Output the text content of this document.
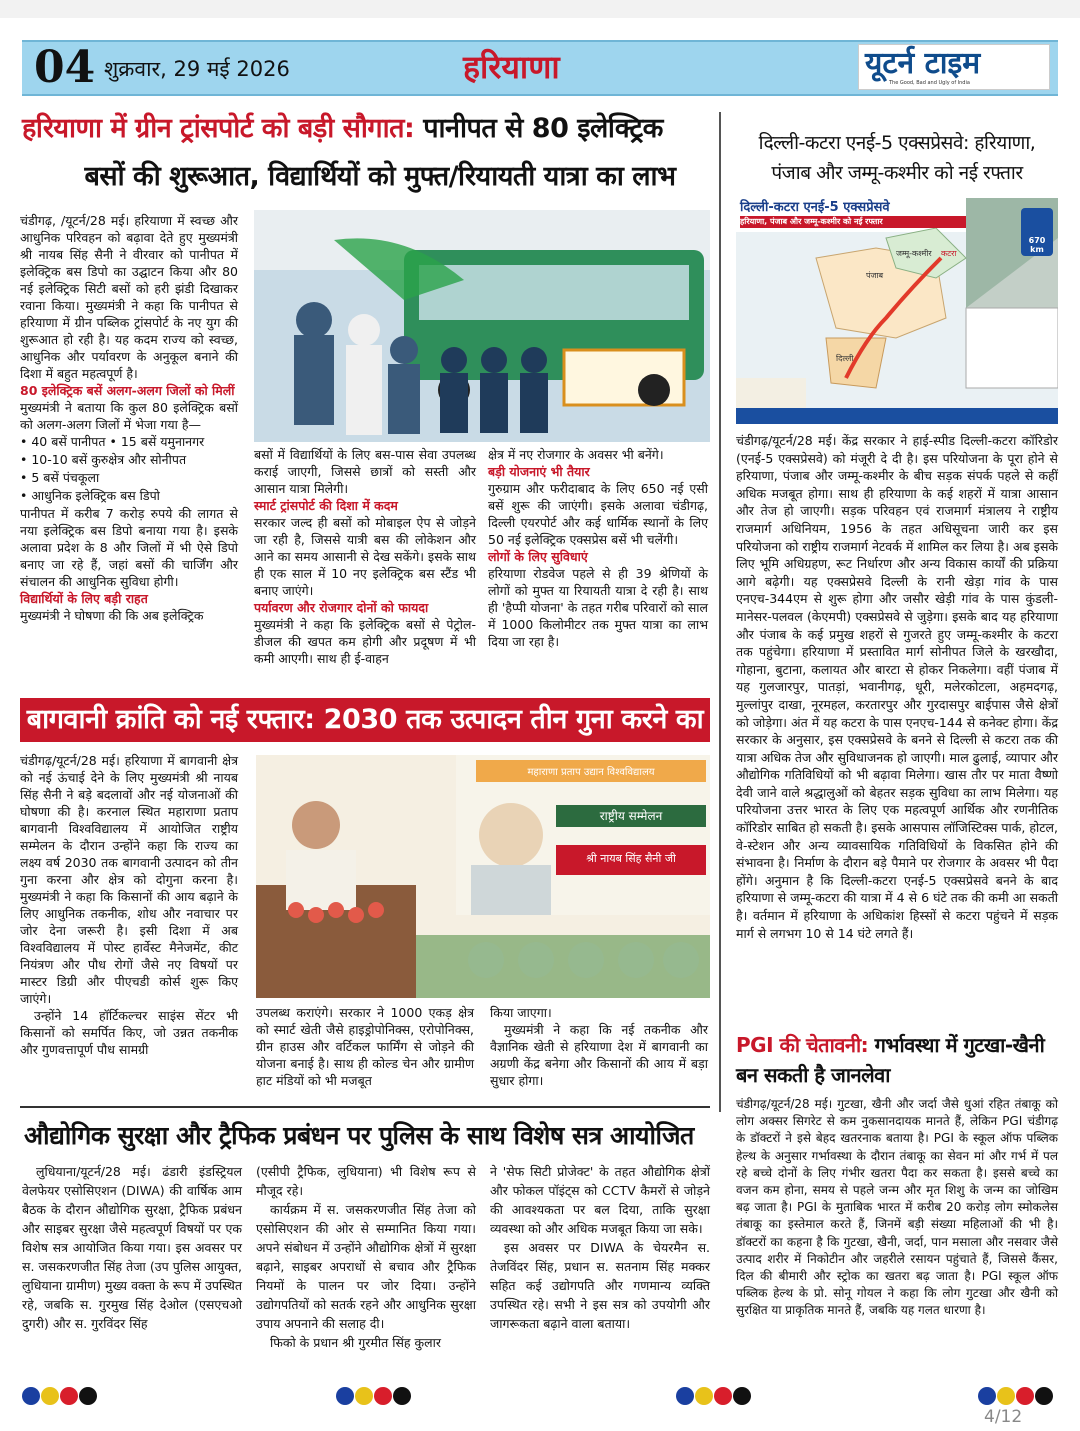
04 शुक्रवार, 29 मई 2026	हरियाणा	यूटर्न टाइम
The Good, Bad and Ugly of India
हरियाणा में ग्रीन ट्रांसपोर्ट को बड़ी सौगात: पानीपत से 80 इलेक्ट्रिक
बसों की शुरूआत, विद्यार्थियों को मुफ्त/रियायती यात्रा का लाभ

चंडीगढ़, /यूटर्न/28 मई। हरियाणा में स्वच्छ और आधुनिक परिवहन को बढ़ावा देते हुए मुख्यमंत्री श्री नायब सिंह सैनी ने वीरवार को पानीपत में इलेक्ट्रिक बस डिपो का उद्घाटन किया और 80 नई इलेक्ट्रिक सिटी बसों को हरी झंडी दिखाकर रवाना किया। मुख्यमंत्री ने कहा कि पानीपत से हरियाणा में ग्रीन पब्लिक ट्रांसपोर्ट के नए युग की शुरूआत हो रही है। यह कदम राज्य को स्वच्छ, आधुनिक और पर्यावरण के अनुकूल बनाने की दिशा में बहुत महत्वपूर्ण है।

80 इलेक्ट्रिक बसें अलग-अलग जिलों को मिलीं

मुख्यमंत्री ने बताया कि कुल 80 इलेक्ट्रिक बसों को अलग-अलग जिलों में भेजा गया है—

• 40 बसें पानीपत • 15 बसें यमुनानगर
• 10-10 बसें कुरुक्षेत्र और सोनीपत
• 5 बसें पंचकूला
• आधुनिक इलेक्ट्रिक बस डिपो

पानीपत में करीब 7 करोड़ रुपये की लागत से नया इलेक्ट्रिक बस डिपो बनाया गया है। इसके अलावा प्रदेश के 8 और जिलों में भी ऐसे डिपो बनाए जा रहे हैं, जहां बसों की चार्जिंग और संचालन की आधुनिक सुविधा होगी।

विद्यार्थियों के लिए बड़ी राहत

मुख्यमंत्री ने घोषणा की कि अब इलेक्ट्रिक

बसों में विद्यार्थियों के लिए बस-पास सेवा उपलब्ध कराई जाएगी, जिससे छात्रों को सस्ती और आसान यात्रा मिलेगी।

स्मार्ट ट्रांसपोर्ट की दिशा में कदम

सरकार जल्द ही बसों को मोबाइल ऐप से जोड़ने जा रही है, जिससे यात्री बस की लोकेशन और आने का समय आसानी से देख सकेंगे। इसके साथ ही एक साल में 10 नए इलेक्ट्रिक बस स्टैंड भी बनाए जाएंगे।

पर्यावरण और रोजगार दोनों को फायदा

मुख्यमंत्री ने कहा कि इलेक्ट्रिक बसों से पेट्रोल-डीजल की खपत कम होगी और प्रदूषण में भी कमी आएगी। साथ ही ई-वाहन

क्षेत्र में नए रोजगार के अवसर भी बनेंगे।

बड़ी योजनाएं भी तैयार

गुरुग्राम और फरीदाबाद के लिए 650 नई एसी बसें शुरू की जाएंगी। इसके अलावा चंडीगढ़, दिल्ली एयरपोर्ट और कई धार्मिक स्थानों के लिए 50 नई इलेक्ट्रिक एक्सप्रेस बसें भी चलेंगी।

लोगों के लिए सुविधाएं

हरियाणा रोडवेज पहले से ही 39 श्रेणियों के लोगों को मुफ्त या रियायती यात्रा दे रही है। साथ ही 'हैप्पी योजना' के तहत गरीब परिवारों को साल में 1000 किलोमीटर तक मुफ्त यात्रा का लाभ दिया जा रहा है।

बागवानी क्रांति को नई रफ्तार: 2030 तक उत्पादन तीन गुना करने का

चंडीगढ़/यूटर्न/28 मई। हरियाणा में बागवानी क्षेत्र को नई ऊंचाई देने के लिए मुख्यमंत्री श्री नायब सिंह सैनी ने बड़े बदलावों और नई योजनाओं की घोषणा की है। करनाल स्थित महाराणा प्रताप बागवानी विश्वविद्यालय में आयोजित राष्ट्रीय सम्मेलन के दौरान उन्होंने कहा कि राज्य का लक्ष्य वर्ष 2030 तक बागवानी उत्पादन को तीन गुना करना और क्षेत्र को दोगुना करना है। मुख्यमंत्री ने कहा कि किसानों की आय बढ़ाने के लिए आधुनिक तकनीक, शोध और नवाचार पर जोर देना जरूरी है। इसी दिशा में अब विश्वविद्यालय में पोस्ट हार्वेस्ट मैनेजमेंट, कीट नियंत्रण और पौध रोगों जैसे नए विषयों पर मास्टर डिग्री और पीएचडी कोर्स शुरू किए जाएंगे।

उन्होंने 14 हॉर्टिकल्चर साइंस सेंटर भी किसानों को समर्पित किए, जो उन्नत तकनीक और गुणवत्तापूर्ण पौध सामग्री

राष्ट्रीय सम्मेलन
श्री नायब सिंह सैनी जी
महाराणा प्रताप उद्यान विश्वविद्यालय

उपलब्ध कराएंगे। सरकार ने 1000 एकड़ क्षेत्र को स्मार्ट खेती जैसे हाइड्रोपोनिक्स, एरोपोनिक्स, ग्रीन हाउस और वर्टिकल फार्मिंग से जोड़ने की योजना बनाई है। साथ ही कोल्ड चेन और ग्रामीण हाट मंडियों को भी मजबूत

किया जाएगा।

मुख्यमंत्री ने कहा कि नई तकनीक और वैज्ञानिक खेती से हरियाणा देश में बागवानी का अग्रणी केंद्र बनेगा और किसानों की आय में बड़ा सुधार होगा।

औद्योगिक सुरक्षा और ट्रैफिक प्रबंधन पर पुलिस के साथ विशेष सत्र आयोजित

लुधियाना/यूटर्न/28 मई। ढंडारी इंडस्ट्रियल वेलफेयर एसोसिएशन (DIWA) की वार्षिक आम बैठक के दौरान औद्योगिक सुरक्षा, ट्रैफिक प्रबंधन और साइबर सुरक्षा जैसे महत्वपूर्ण विषयों पर एक विशेष सत्र आयोजित किया गया। इस अवसर पर स. जसकरणजीत सिंह तेजा (उप पुलिस आयुक्त, लुधियाना ग्रामीण) मुख्य वक्ता के रूप में उपस्थित रहे, जबकि स. गुरमुख सिंह देओल (एसएचओ दुगरी) और स. गुरविंदर सिंह

(एसीपी ट्रैफिक, लुधियाना) भी विशेष रूप से मौजूद रहे।

कार्यक्रम में स. जसकरणजीत सिंह तेजा को एसोसिएशन की ओर से सम्मानित किया गया। अपने संबोधन में उन्होंने औद्योगिक क्षेत्रों में सुरक्षा बढ़ाने, साइबर अपराधों से बचाव और ट्रैफिक नियमों के पालन पर जोर दिया। उन्होंने उद्योगपतियों को सतर्क रहने और आधुनिक सुरक्षा उपाय अपनाने की सलाह दी।

फिको के प्रधान श्री गुरमीत सिंह कुलार

ने 'सेफ सिटी प्रोजेक्ट' के तहत औद्योगिक क्षेत्रों और फोकल पॉइंट्स को CCTV कैमरों से जोड़ने की आवश्यकता पर बल दिया, ताकि सुरक्षा व्यवस्था को और अधिक मजबूत किया जा सके।

इस अवसर पर DIWA के चेयरमैन स. तेजविंदर सिंह, प्रधान स. सतनाम सिंह मक्कर सहित कई उद्योगपति और गणमान्य व्यक्ति उपस्थित रहे। सभी ने इस सत्र को उपयोगी और जागरूकता बढ़ाने वाला बताया।

दिल्ली-कटरा एनई-5 एक्सप्रेसवे: हरियाणा,
पंजाब और जम्मू-कश्मीर को नई रफ्तार
दिल्ली-कटरा एनई-5 एक्सप्रेसवे
हरियाणा, पंजाब और जम्मू-कश्मीर को नई रफ्तार
670 km
जम्मू-कश्मीर
पंजाब
दिल्ली
कटरा

चंडीगढ़/यूटर्न/28 मई। केंद्र सरकार ने हाई-स्पीड दिल्ली-कटरा कॉरिडोर (एनई-5 एक्सप्रेसवे) को मंजूरी दे दी है। इस परियोजना के पूरा होने से हरियाणा, पंजाब और जम्मू-कश्मीर के बीच सड़क संपर्क पहले से कहीं अधिक मजबूत होगा। साथ ही हरियाणा के कई शहरों में यात्रा आसान और तेज हो जाएगी। सड़क परिवहन एवं राजमार्ग मंत्रालय ने राष्ट्रीय राजमार्ग अधिनियम, 1956 के तहत अधिसूचना जारी कर इस परियोजना को राष्ट्रीय राजमार्ग नेटवर्क में शामिल कर लिया है। अब इसके लिए भूमि अधिग्रहण, रूट निर्धारण और अन्य विकास कार्यों की प्रक्रिया आगे बढ़ेगी। यह एक्सप्रेसवे दिल्ली के रानी खेड़ा गांव के पास एनएच-344एम से शुरू होगा और जसौर खेड़ी गांव के पास कुंडली-मानेसर-पलवल (केएमपी) एक्सप्रेसवे से जुड़ेगा। इसके बाद यह हरियाणा और पंजाब के कई प्रमुख शहरों से गुजरते हुए जम्मू-कश्मीर के कटरा तक पहुंचेगा। हरियाणा में प्रस्तावित मार्ग सोनीपत जिले के खरखौदा, गोहाना, बुटाना, कलायत और बारटा से होकर निकलेगा। वहीं पंजाब में यह गुलजारपुर, पातड़ां, भवानीगढ़, धूरी, मलेरकोटला, अहमदगढ़, मुल्लांपुर दाखा, नूरमहल, करतारपुर और गुरदासपुर बाईपास जैसे क्षेत्रों को जोड़ेगा। अंत में यह कटरा के पास एनएच-144 से कनेक्ट होगा। केंद्र सरकार के अनुसार, इस एक्सप्रेसवे के बनने से दिल्ली से कटरा तक की यात्रा अधिक तेज और सुविधाजनक हो जाएगी। माल ढुलाई, व्यापार और औद्योगिक गतिविधियों को भी बढ़ावा मिलेगा। खास तौर पर माता वैष्णो देवी जाने वाले श्रद्धालुओं को बेहतर सड़क सुविधा का लाभ मिलेगा। यह परियोजना उत्तर भारत के लिए एक महत्वपूर्ण आर्थिक और रणनीतिक कॉरिडोर साबित हो सकती है। इसके आसपास लॉजिस्टिक्स पार्क, होटल, वे-स्टेशन और अन्य व्यावसायिक गतिविधियों के विकसित होने की संभावना है। निर्माण के दौरान बड़े पैमाने पर रोजगार के अवसर भी पैदा होंगे। अनुमान है कि दिल्ली-कटरा एनई-5 एक्सप्रेसवे बनने के बाद हरियाणा से जम्मू-कटरा की यात्रा में 4 से 6 घंटे तक की कमी आ सकती है। वर्तमान में हरियाणा के अधिकांश हिस्सों से कटरा पहुंचने में सड़क मार्ग से लगभग 10 से 14 घंटे लगते हैं।

PGI की चेतावनी: गर्भावस्था में गुटखा-खैनी
बन सकती है जानलेवा

चंडीगढ़/यूटर्न/28 मई। गुटखा, खैनी और जर्दा जैसे धुआं रहित तंबाकू को लोग अक्सर सिगरेट से कम नुकसानदायक मानते हैं, लेकिन PGI चंडीगढ़ के डॉक्टरों ने इसे बेहद खतरनाक बताया है। PGI के स्कूल ऑफ पब्लिक हेल्थ के अनुसार गर्भावस्था के दौरान तंबाकू का सेवन मां और गर्भ में पल रहे बच्चे दोनों के लिए गंभीर खतरा पैदा कर सकता है। इससे बच्चे का वजन कम होना, समय से पहले जन्म और मृत शिशु के जन्म का जोखिम बढ़ जाता है। PGI के मुताबिक भारत में करीब 20 करोड़ लोग स्मोकलेस तंबाकू का इस्तेमाल करते हैं, जिनमें बड़ी संख्या महिलाओं की भी है। डॉक्टरों का कहना है कि गुटखा, खैनी, जर्दा, पान मसाला और नसवार जैसे उत्पाद शरीर में निकोटीन और जहरीले रसायन पहुंचाते हैं, जिससे कैंसर, दिल की बीमारी और स्ट्रोक का खतरा बढ़ जाता है। PGI स्कूल ऑफ पब्लिक हेल्थ के प्रो. सोनू गोयल ने कहा कि लोग गुटखा और खैनी को सुरक्षित या प्राकृतिक मानते हैं, जबकि यह गलत धारणा है।

4/12
